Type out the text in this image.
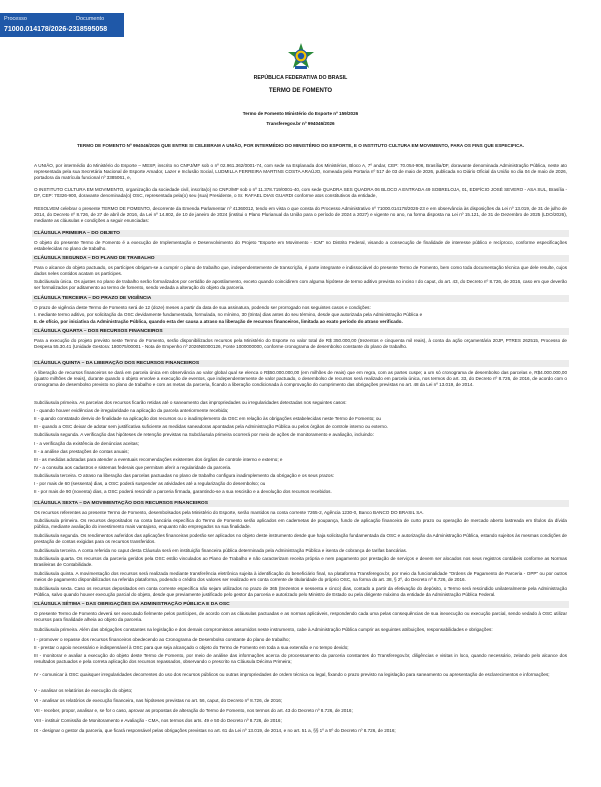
Processo	Documento
71000.014178/2026-23 18595058
REPÚBLICA FEDERATIVA DO BRASIL
TERMO DE FOMENTO
Termo de Fomento Ministério do Esporte nº 159/2026
Transferegov.br nº 994046/2026
TERMO DE FOMENTO Nº 994046/2026 QUE ENTRE SI CELEBRAM A UNIÃO, POR INTERMÉDIO DO MINISTÉRIO DO ESPORTE, E O INSTITUTO CULTURA EM MOVIMENTO, PARA OS FINS QUE ESPECIFICA.
A UNIÃO, por intermédio do Ministério do Esporte – MESP, inscrito no CNPJ/MF sob o nº 02.961.362/0001-74, com sede na Esplanada dos Ministérios, Bloco A, 7º andar, CEP: 70.054-906, Brasília/DF, doravante denominada Administração Pública, neste ato representada pela sua Secretária Nacional de Esporte Amador, Lazer e Inclusão Social, LUDMILLA FERREIRA MARTINS COSTA ARAÚJO, nomeada pela Portaria nº 517 de 03 de maio de 2026, publicada no Diário Oficial da União no dia 04 de maio de 2026, portadora da matrícula funcional nº 3385061, e,
O INSTITUTO CULTURA EM MOVIMENTO, organização da sociedade civil, inscrita(o) no CNPJ/MF sob o nº 11.378.719/0001-40, com sede QUADRA SES QUADRA 06 BLOCO A ENTRADA 49 SOBRELOJA, 01, EDIFÍCIO JOSÉ SEVERO - ASA SUL, Brasília - DF, CEP: 70326-900, doravante denominada(o) OSC, representada pela(o) seu (sua) Presidente, o Sr. RAFAEL DIAS GUARDI conforme atos constitutivos da entidade,
RESOLVEM celebrar o presente TERMO DE FOMENTO, decorrente da Emenda Parlamentar nº 41360012, tendo em vista o que consta do Processo Administrativo nº 71000.014178/2026-23 e em observância às disposições da Lei nº 13.019, de 31 de julho de 2014, do Decreto nº 8.726, de 27 de abril de 2016, da Lei nº 14.802, de 10 de janeiro de 2024 (institui o Plano Plurianual da União para o período de 2024 a 2027) e vigente no ano, na forma disposta na Lei nº 15.121, de 31 de Dezembro de 2025 (LDO/2026), mediante as cláusulas e condições a seguir enunciadas:
CLÁUSULA PRIMEIRA – DO OBJETO
O objeto do presente Termo de Fomento é a execução de Implementação e Desenvolvimento do Projeto "Esporte em Movimento - ICM" no Distrito Federal, visando a consecução de finalidade de interesse público e recíproco, conforme especificações estabelecidas no plano de trabalho.
CLÁUSULA SEGUNDA – DO PLANO DE TRABALHO
Para o alcance do objeto pactuado, os partícipes obrigam-se a cumprir o plano de trabalho que, independentemente de transcrição, é parte integrante e indissociável do presente Termo de Fomento, bem como toda documentação técnica que dele resulte, cujos dados neles contidos acatam os partícipes.
Subcláusula única. Os ajustes no plano de trabalho serão formalizados por certidão de apostilamento, exceto quando coincidirem com alguma hipótese de termo aditivo prevista no inciso I do caput, do art. 43, do Decreto nº 8.726, de 2016, caso em que deverão ser formalizados por aditamento ao termo de fomento, sendo vedada a alteração do objeto da parceria.
CLÁUSULA TERCEIRA – DO PRAZO DE VIGÊNCIA
O prazo de vigência deste Termo de Fomento será de 12 (doze) meses a partir da data de sua assinatura, podendo ser prorrogado nos seguintes casos e condições:
I. mediante termo aditivo, por solicitação da OSC devidamente fundamentada, formulada, no mínimo, 30 (trinta) dias antes do seu término, desde que autorizada pela Administração Pública e
II. de ofício, por iniciativa da Administração Pública, quando esta der causa a atraso na liberação de recursos financeiros, limitada ao exato período do atraso verificado.
CLÁUSULA QUARTA – DOS RECURSOS FINANCEIROS
Para a execução do projeto previsto neste Termo de Fomento, serão disponibilizados recursos pela Ministério do Esporte no valor total de R$ 350.000,00 (trezentos e cinquenta mil reais), à conta da ação orçamentária 20JP, PTRES 262515, Processo de Despesa 55.30.41 (Unidade Gestora: 180075/00001 - Nota de Empenho nº 2026NE000126, Fonte 1000000000, conforme cronograma de desembolso constante do plano de trabalho.
CLÁUSULA QUINTA – DA LIBERAÇÃO DOS RECURSOS FINANCEIROS
A liberação de recursos financeiros se dará em parcela única em observância ao valor global qual se elenca o R$50.000.000,00 (em milhões de reais) que em regra, com as partes cuspe; a um só cronograma de desembolso das parcelas e, R$4.000.000,00 (quatro milhões de reais), durante quando o objeto envolve a execução de eventos, que independentemente de valor pactuado, o desembolso de recursos será realizado em parcela única, nos termos do art. 33, do Decreto nº 8.726, de 2016, de acordo com o cronograma de desembolso previsto no plano de trabalho e com as metas da parceria, ficando a liberação condicionada à comprovação do cumprimento das obrigações previstas no art. 48 da Lei nº 13.019, de 2014.
Subcláusula primeira. As parcelas dos recursos ficarão retidas até o saneamento das impropriedades ou irregularidades detectadas nos seguintes casos:
I - quando houver evidências de irregularidade na aplicação da parcela anteriormente recebida;
II - quando constatado desvio de finalidade na aplicação dos recursos ou o inadimplemento da OSC em relação às obrigações estabelecidas neste Termo de Fomento; ou
III - quando a OSC deixar de adotar sem justificativa suficiente as medidas saneadoras apontadas pela Administração Pública ou pelos órgãos de controle interno ou externo.
Subcláusula segunda. A verificação das hipóteses de retenção previstas na Subcláusula primeira ocorrerá por meio de ações de monitoramento e avaliação, incluindo:
I - a verificação da existência de denúncias aceitas;
II - a análise das prestações de contas anuais;
III - as medidas adotadas para atender a eventuais recomendações existentes dos órgãos de controle interno e externo; e
IV - a consulta aos cadastros e sistemas federais que permitam aferir a regularidade da parceria.
Subcláusula terceira. O atraso na liberação das parcelas pactuadas no plano de trabalho configura inadimplemento da obrigação e os seus prazos:
I - por mais de 60 (sessenta) dias, a OSC poderá suspender as atividades até a regularização do desembolso; ou
II - por mais de 90 (noventa) dias, a OSC poderá rescindir a parceria firmada, garantindo-se a sua rescisão e a devolução dos recursos recebidos.
CLÁUSULA SEXTA – DA MOVIMENTAÇÃO DOS RECURSOS FINANCEIROS
Os recursos referentes ao presente Termo de Fomento, desembolsados pela Ministério do Esporte, serão mantidos na conta corrente 7265-2, Agência 1230-0, Banco BANCO DO BRASIL SA.
Subcláusula primeira. Os recursos depositados na conta bancária específica do Termo de Fomento serão aplicados em cadernetas de poupança, fundo de aplicação financeira de curto prazo ou operação de mercado aberto lastreada em títulos da dívida pública, mediante avaliação do investimento mais vantajoso, enquanto não empregados na sua finalidade.
Subcláusula segunda. Os rendimentos auferidos das aplicações financeiras poderão ser aplicados no objeto deste instrumento desde que haja solicitação fundamentada da OSC e autorização da Administração Pública, estando sujeitos às mesmas condições de prestação de contas exigidas para os recursos transferidos.
Subcláusula terceira. A conta referida no caput desta Cláusula será em instituição financeira pública determinada pela Administração Pública e isenta de cobrança de tarifas bancárias.
Subcláusula quarta. Os recursos da parceria geridos pela OSC estão vinculados ao Plano de Trabalho e não caracterizam receita própria e nem pagamento por prestação de serviços e devem ser alocados nos seus registros contábeis conforme as Normas Brasileiras de Contabilidade.
Subcláusula quinta. A movimentação dos recursos será realizada mediante transferência eletrônica sujeita à identificação do beneficiário final, na plataforma Transferegov.br, por meio da funcionalidade "Ordens de Pagamento de Parceria - OPP" ou por outros meios de pagamento disponibilizados na referida plataforma, podendo o crédito dos valores ser realizado em conta corrente de titularidade do próprio OSC, na forma do art. 38, § 2º, do Decreto nº 8.726, de 2016.
Subcláusula sexta. Caso os recursos depositados em conta corrente específica não sejam utilizados no prazo de 365 (trezentos e sessenta e cinco) dias, contado a partir da efetivação do depósito, o Termo será rescindido unilateralmente pela Administração Pública, salvo quando houver execução parcial do objeto, desde que previamente justificado pelo gestor da parceria e autorizado pelo Ministro de Estado ou pela dirigente máximo da entidade da Administração Pública Federal.
CLÁUSULA SÉTIMA – DAS OBRIGAÇÕES DA ADMINISTRAÇÃO PÚBLICA E DA OSC
O presente Termo de Fomento deverá ser executado fielmente pelos partícipes, de acordo com as cláusulas pactuadas e as normas aplicáveis, respondendo cada uma pelas consequências de sua inexecução ou execução parcial, sendo vedado à OSC utilizar recursos para finalidade alheia ao objeto da parceria.
Subcláusula primeira. Além das obrigações constantes na legislação e dos demais compromissos assumidos neste instrumento, cabe à Administração Pública cumprir as seguintes atribuições, responsabilidades e obrigações:
I - promover o repasse dos recursos financeiros obedecendo ao Cronograma de Desembolso constante do plano de trabalho;
II - prestar o apoio necessário e indispensável à OSC para que seja alcançado o objeto do Termo de Fomento em toda a sua extensão e no tempo devido;
III - monitorar e avaliar a execução do objeto deste Termo de Fomento, por meio de análise das informações acerca do processamento da parceria constantes do Transferegov.br, diligências e visitas in loco, quando necessário, zelando pelo alcance dos resultados pactuados e pela correta aplicação dos recursos repassados, observando o prescrito na Cláusula Décima Primeira;
IV - comunicar à OSC quaisquer irregularidades decorrentes do uso dos recursos públicos ou outras impropriedades de ordem técnica ou legal, fixando o prazo previsto na legislação para saneamento ou apresentação de esclarecimentos e informações;
V - analisar os relatórios de execução do objeto;
VI - analisar os relatórios de execução financeira, nas hipóteses previstas no art. 56, caput, do Decreto nº 8.726, de 2016;
VII - receber, propor, analisar e, se for o caso, aprovar as propostas de alteração do Termo de Fomento, nos termos do art. 43 do Decreto nº 8.726, de 2016;
VIII - instituir Comissão de Monitoramento e Avaliação - CMA, nos termos dos arts. 49 e 50 do Decreto nº 8.726, de 2016;
IX - designar o gestor da parceria, que ficará responsável pelas obrigações previstas no art. 61 da Lei nº 13.019, de 2014, e no art. 51 a, §§ 1º a 5º do Decreto nº 8.726, de 2016;
